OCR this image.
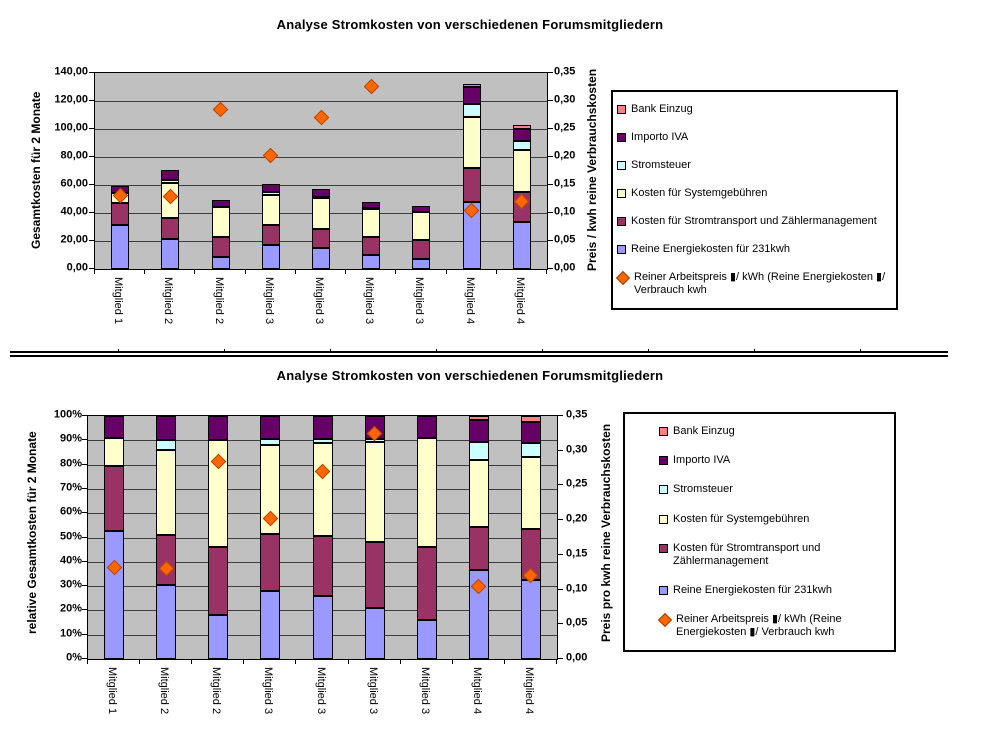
Analyse Stromkosten von verschiedenen Forumsmitgliedern
Gesamtkosten für 2 Monate	Preis / kwh reine Verbrauchskosten	Bank Einzug
Importo IVA
Stromsteuer
Kosten für Systemgebühren
Kosten für Stromtransport und Zählermanagement
Reine Energiekosten für 231kwh
Reiner Arbeitspreis ▮/ kWh (Reine Energiekosten ▮/ Verbrauch kwh
Analyse Stromkosten von verschiedenen Forumsmitgliedern
relative Gesamtkosten für 2 Monate	Preis pro kwh reine Verbrauchskosten	Bank Einzug
Importo IVA
Stromsteuer
Kosten für Systemgebühren
Kosten für Stromtransport und Zählermanagement
Reine Energiekosten für 231kwh
Reiner Arbeitspreis ▮/ kWh (Reine Energiekosten ▮/ Verbrauch kwh
0,00
20,00
40,00
60,00
80,00
100,00
120,00
140,00
0,00
0,05
0,10
0,15
0,20
0,25
0,30
0,35
Mitglied 1	Mitglied 2	Mitglied 2	Mitglied 3	Mitglied 3	Mitglied 3	Mitglied 3	Mitglied 4	Mitglied 4
0%
10%
20%
30%
40%
50%
60%
70%
80%
90%
100%
0,00
0,05
0,10
0,15
0,20
0,25
0,30
0,35
Mitglied 1	Mitglied 2	Mitglied 2	Mitglied 3	Mitglied 3	Mitglied 3	Mitglied 3	Mitglied 4	Mitglied 4
